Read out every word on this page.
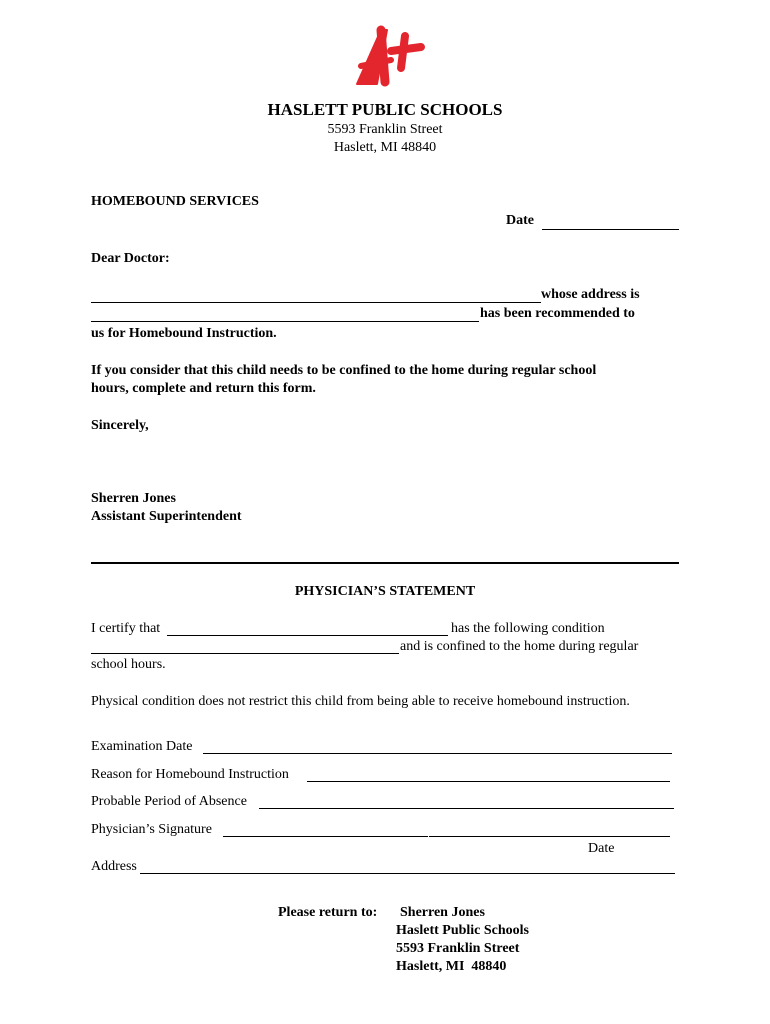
HASLETT PUBLIC SCHOOLS
5593 Franklin Street
Haslett, MI 48840
HOMEBOUND SERVICES
Date
Dear Doctor:
whose address is
has been recommended to
us for Homebound Instruction.
If you consider that this child needs to be confined to the home during regular school
hours, complete and return this form.
Sincerely,
Sherren Jones
Assistant Superintendent
PHYSICIAN’S STATEMENT
I certify that	has the following condition
and is confined to the home during regular
school hours.
Physical condition does not restrict this child from being able to receive homebound instruction.
Examination Date
Reason for Homebound Instruction
Probable Period of Absence
Physician’s Signature
Date
Address
Please return to: Sherren Jones
Haslett Public Schools
5593 Franklin Street
Haslett, MI  48840
